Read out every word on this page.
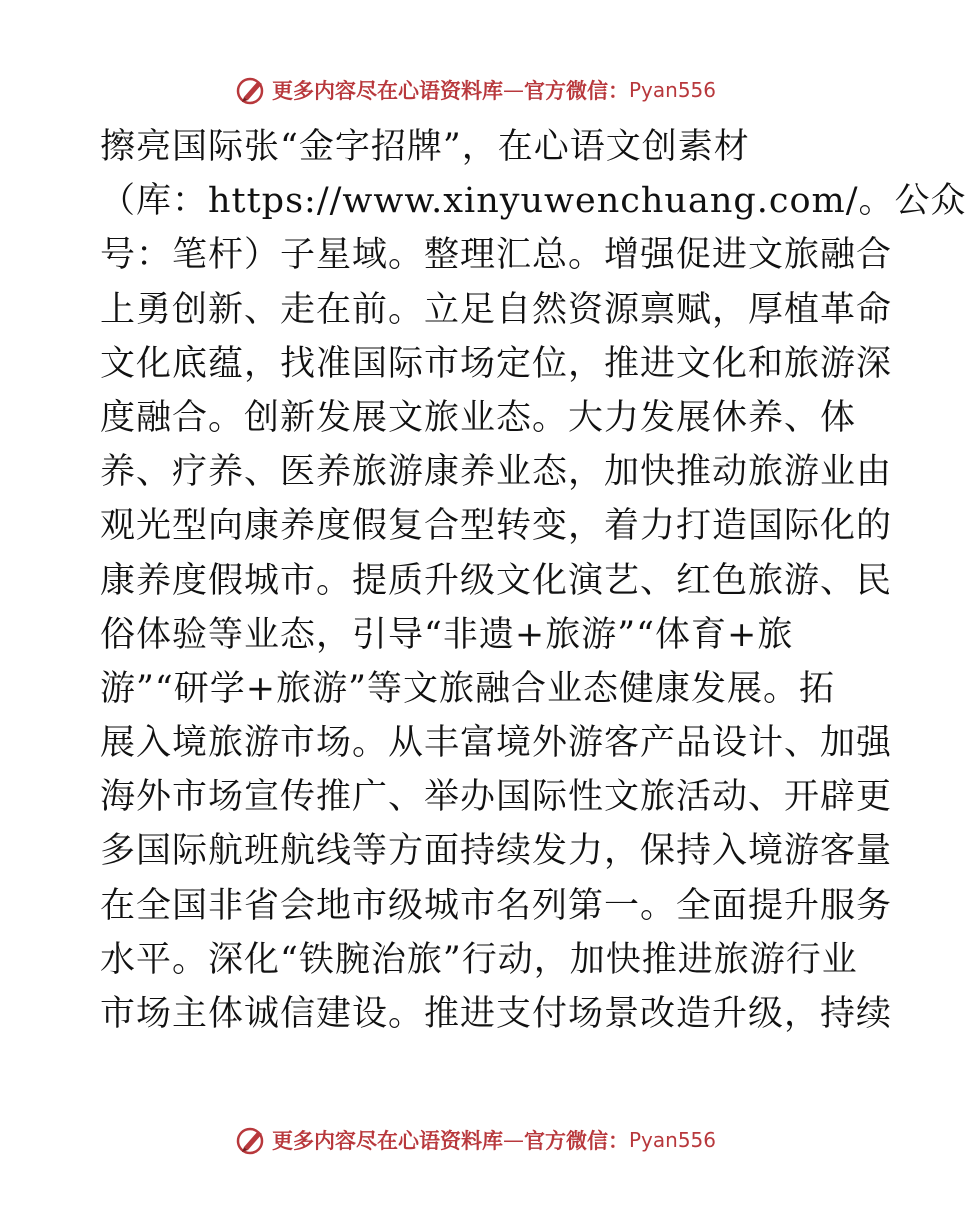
更多内容尽在心语资料库 — 官方微信： Pyan556
擦亮国际张“金字招牌”，在心语文创素材
（库：https://www.xinyuwenchuang.com/。公众
号：笔杆）子星域。整理汇总。增强促进文旅融合
上勇创新、走在前。立足自然资源禀赋，厚植革命
文化底蕴，找准国际市场定位，推进文化和旅游深
度融合。创新发展文旅业态。大力发展休养、体
养、疗养、医养旅游康养业态，加快推动旅游业由
观光型向康养度假复合型转变，着力打造国际化的
康养度假城市。提质升级文化演艺、红色旅游、民
俗体验等业态，引导“非遗+旅游”“体育+旅
游”“研学+旅游”等文旅融合业态健康发展。拓
展入境旅游市场。从丰富境外游客产品设计、加强
海外市场宣传推广、举办国际性文旅活动、开辟更
多国际航班航线等方面持续发力，保持入境游客量
在全国非省会地市级城市名列第一。全面提升服务
水平。深化“铁腕治旅”行动，加快推进旅游行业
市场主体诚信建设。推进支付场景改造升级，持续
更多内容尽在心语资料库 — 官方微信： Pyan556
